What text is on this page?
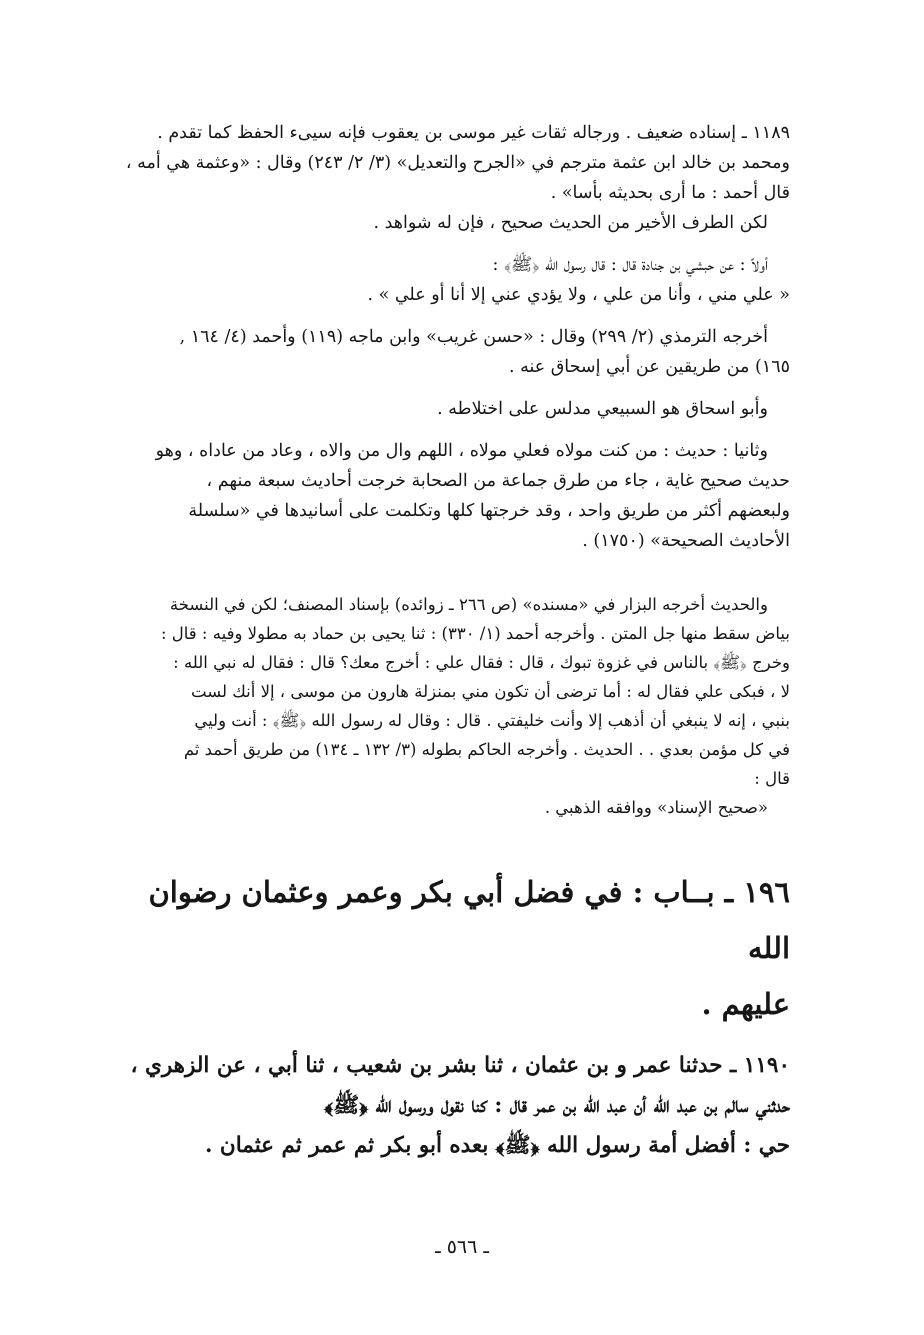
١١٨٩ ـ إسناده ضعيف . ورجاله ثقات غير موسى بن يعقوب فإنه سيىء الحفظ كما تقدم .

ومحمد بن خالد ابن عثمة مترجم في «الجرح والتعديل» (٣/ ٢/ ٢٤٣) وقال : «وعثمة هي أمه ،

قال أحمد : ما أرى بحديثه بأسا» .

لكن الطرف الأخير من الحديث صحيح ، فإن له شواهد .

أولاً : عن حبشي بن جنادة قال : قال رسول الله ﴿ﷺ﴾ :

« علي مني ، وأنا من علي ، ولا يؤدي عني إلا أنا أو علي » .

أخرجه الترمذي (٢/ ٢٩٩) وقال : «حسن غريب» وابن ماجه (١١٩) وأحمد (٤/ ١٦٤ ,

١٦٥) من طريقين عن أبي إسحاق عنه .

وأبو اسحاق هو السبيعي مدلس على اختلاطه .

وثانيا : حديث : من كنت مولاه فعلي مولاه ، اللهم وال من والاه ، وعاد من عاداه ، وهو

حديث صحيح غاية ، جاء من طرق جماعة من الصحابة خرجت أحاديث سبعة منهم ،

ولبعضهم أكثر من طريق واحد ، وقد خرجتها كلها وتكلمت على أسانيدها في «سلسلة

الأحاديث الصحيحة» (١٧٥٠) .

والحديث أخرجه البزار في «مسنده» (ص ٢٦٦ ـ زوائده) بإسناد المصنف؛ لكن في النسخة

بياض سقط منها جل المتن . وأخرجه أحمد (١/ ٣٣٠) : ثنا يحيى بن حماد به مطولا وفيه : قال :

وخرج ﴿ﷺ﴾ بالناس في غزوة تبوك ، قال : فقال علي : أخرج معك؟ قال : فقال له نبي الله :

لا ، فبكى علي فقال له : أما ترضى أن تكون مني بمنزلة هارون من موسى ، إلا أنك لست

بنبي ، إنه لا ينبغي أن أذهب إلا وأنت خليفتي . قال : وقال له رسول الله ﴿ﷺ﴾ : أنت وليي

في كل مؤمن بعدي . . الحديث . وأخرجه الحاكم بطوله (٣/ ١٣٢ ـ ١٣٤) من طريق أحمد ثم

قال :

«صحيح الإسناد» ووافقه الذهبي .

١٩٦ ـ بــاب : في فضل أبي بكر وعمر وعثمان رضوان الله
عليهم .
١١٩٠ ـ حدثنا عمر و بن عثمان ، ثنا بشر بن شعيب ، ثنا أبي ، عن الزهري ،
حدثني سالم بن عبد الله أن عبد الله بن عمر قال : كنا نقول ورسول الله ﴿ﷺ﴾
حي : أفضل أمة رسول الله ﴿ﷺ﴾ بعده أبو بكر ثم عمر ثم عثمان .
ـ ٥٦٦ ـ
